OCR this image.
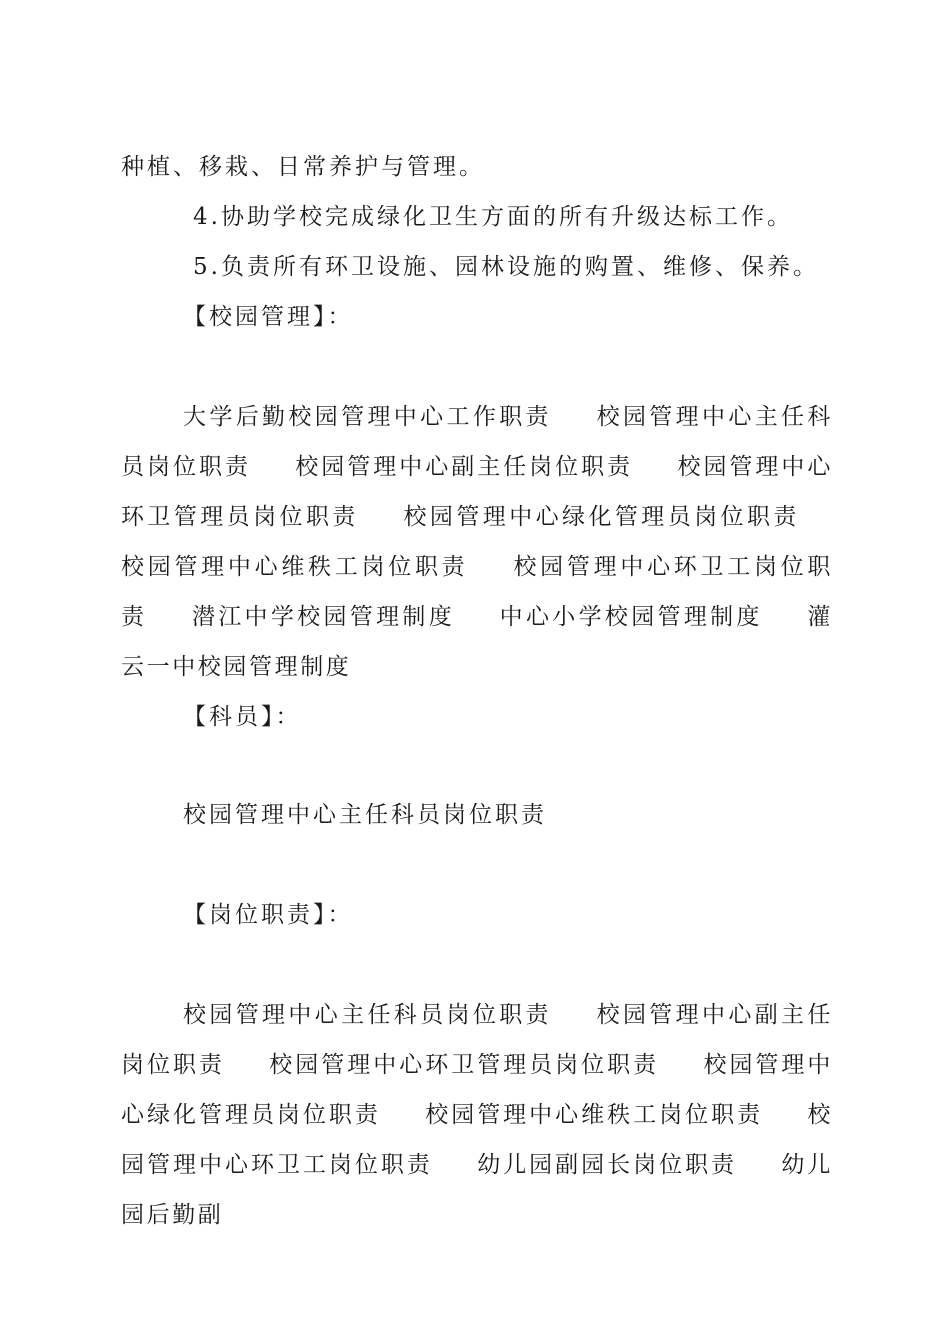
种植、移栽、日常养护与管理。
4.协助学校完成绿化卫生方面的所有升级达标工作。
5.负责所有环卫设施、园林设施的购置、维修、保养。
【校园管理】：
大学后勤校园管理中心工作职责 校园管理中心主任科员岗位职责 校园管理中心副主任岗位职责 校园管理中心环卫管理员岗位职责 校园管理中心绿化管理员岗位职责 校园管理中心维秩工岗位职责 校园管理中心环卫工岗位职责 潜江中学校园管理制度 中心小学校园管理制度 灌云一中校园管理制度
【科员】：
校园管理中心主任科员岗位职责
【岗位职责】：
校园管理中心主任科员岗位职责 校园管理中心副主任岗位职责 校园管理中心环卫管理员岗位职责 校园管理中心绿化管理员岗位职责 校园管理中心维秩工岗位职责 校园管理中心环卫工岗位职责 幼儿园副园长岗位职责 幼儿园后勤副
